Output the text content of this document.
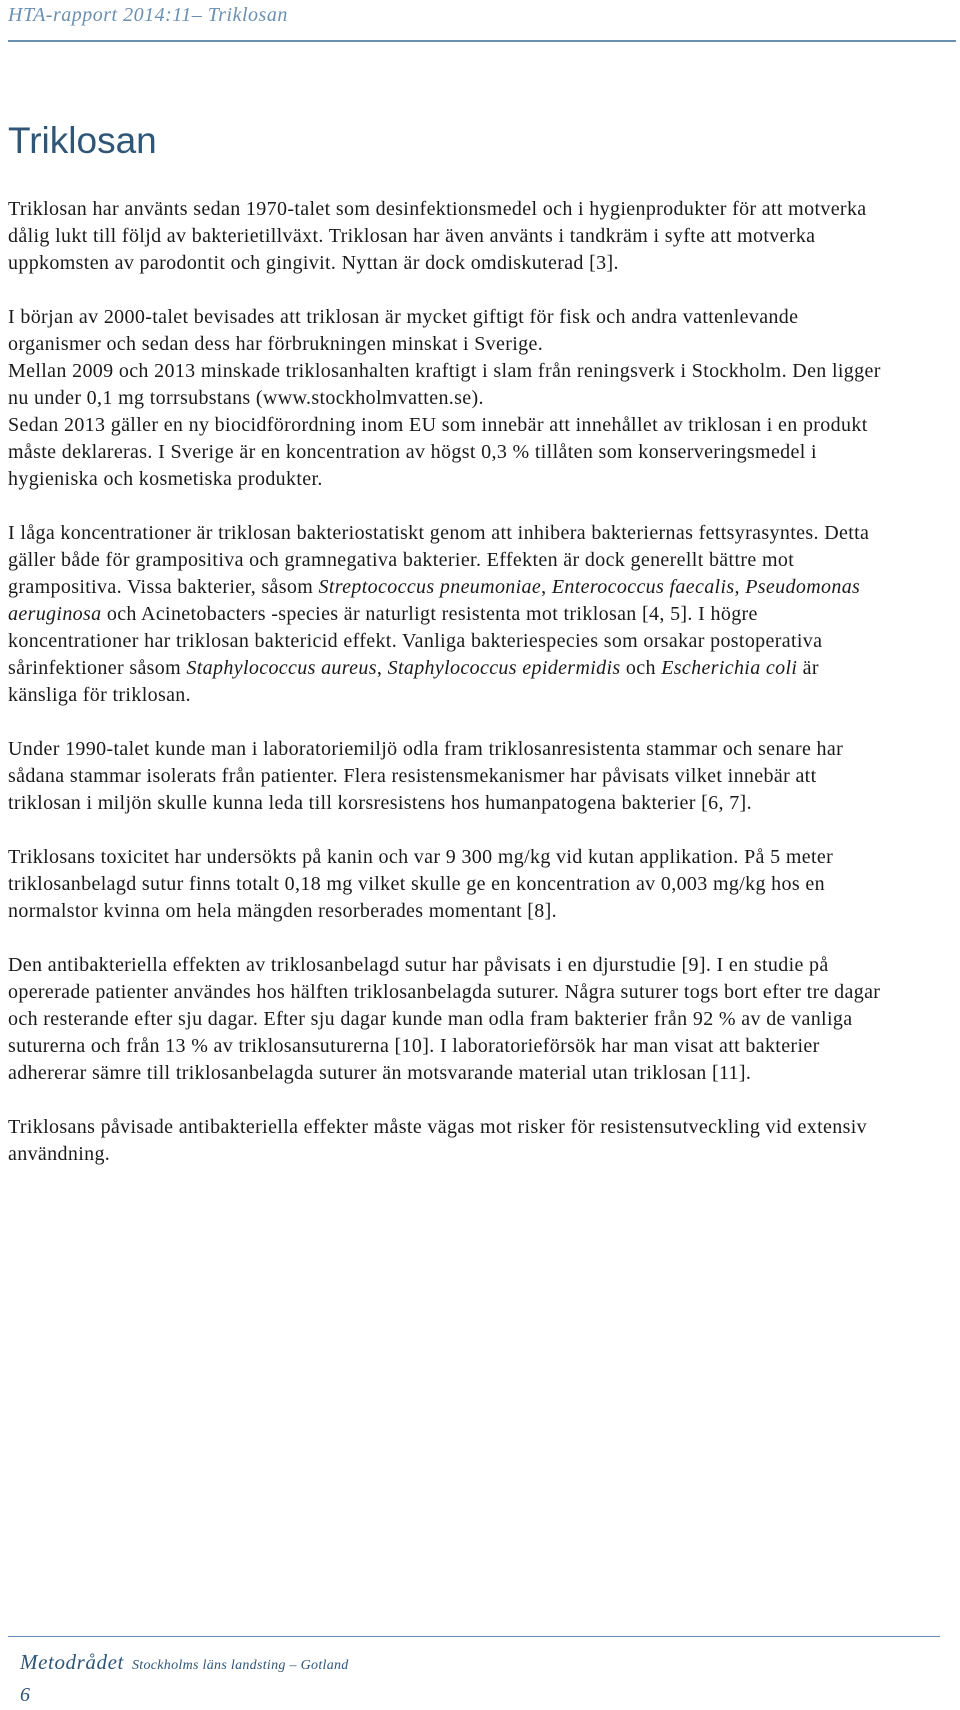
HTA-rapport 2014:11– Triklosan
Triklosan

Triklosan har använts sedan 1970-talet som desinfektionsmedel och i hygienprodukter för att motverka dålig lukt till följd av bakterietillväxt. Triklosan har även använts i tandkräm i syfte att motverka uppkomsten av parodontit och gingivit. Nyttan är dock omdiskuterad [3].

I början av 2000-talet bevisades att triklosan är mycket giftigt för fisk och andra vattenlevande organismer och sedan dess har förbrukningen minskat i Sverige.

Mellan 2009 och 2013 minskade triklosanhalten kraftigt i slam från reningsverk i Stockholm. Den ligger nu under 0,1 mg torrsubstans (www.stockholmvatten.se).

Sedan 2013 gäller en ny biocidförordning inom EU som innebär att innehållet av triklosan i en produkt måste deklareras. I Sverige är en koncentration av högst 0,3 % tillåten som konserveringsmedel i hygieniska och kosmetiska produkter.

I låga koncentrationer är triklosan bakteriostatiskt genom att inhibera bakteriernas fettsyrasyntes. Detta gäller både för grampositiva och gramnegativa bakterier. Effekten är dock generellt bättre mot grampositiva. Vissa bakterier, såsom Streptococcus pneumoniae, Enterococcus faecalis, Pseudomonas aeruginosa och Acinetobacters -species är naturligt resistenta mot triklosan [4, 5]. I högre koncentrationer har triklosan baktericid effekt. Vanliga bakteriespecies som orsakar postoperativa sårinfektioner såsom Staphylococcus aureus, Staphylococcus epidermidis och Escherichia coli är känsliga för triklosan.

Under 1990-talet kunde man i laboratoriemiljö odla fram triklosanresistenta stammar och senare har sådana stammar isolerats från patienter. Flera resistensmekanismer har påvisats vilket innebär att triklosan i miljön skulle kunna leda till korsresistens hos humanpatogena bakterier [6, 7].

Triklosans toxicitet har undersökts på kanin och var 9 300 mg/kg vid kutan applikation. På 5 meter triklosanbelagd sutur finns totalt 0,18 mg vilket skulle ge en koncentration av 0,003 mg/kg hos en normalstor kvinna om hela mängden resorberades momentant [8].

Den antibakteriella effekten av triklosanbelagd sutur har påvisats i en djurstudie [9]. I en studie på opererade patienter användes hos hälften triklosanbelagda suturer. Några suturer togs bort efter tre dagar och resterande efter sju dagar. Efter sju dagar kunde man odla fram bakterier från 92 % av de vanliga suturerna och från 13 % av triklosansuturerna [10]. I laboratorieförsök har man visat att bakterier adhererar sämre till triklosanbelagda suturer än motsvarande material utan triklosan [11].

Triklosans påvisade antibakteriella effekter måste vägas mot risker för resistensutveckling vid extensiv användning.

Metodrådet Stockholms läns landsting – Gotland
6
